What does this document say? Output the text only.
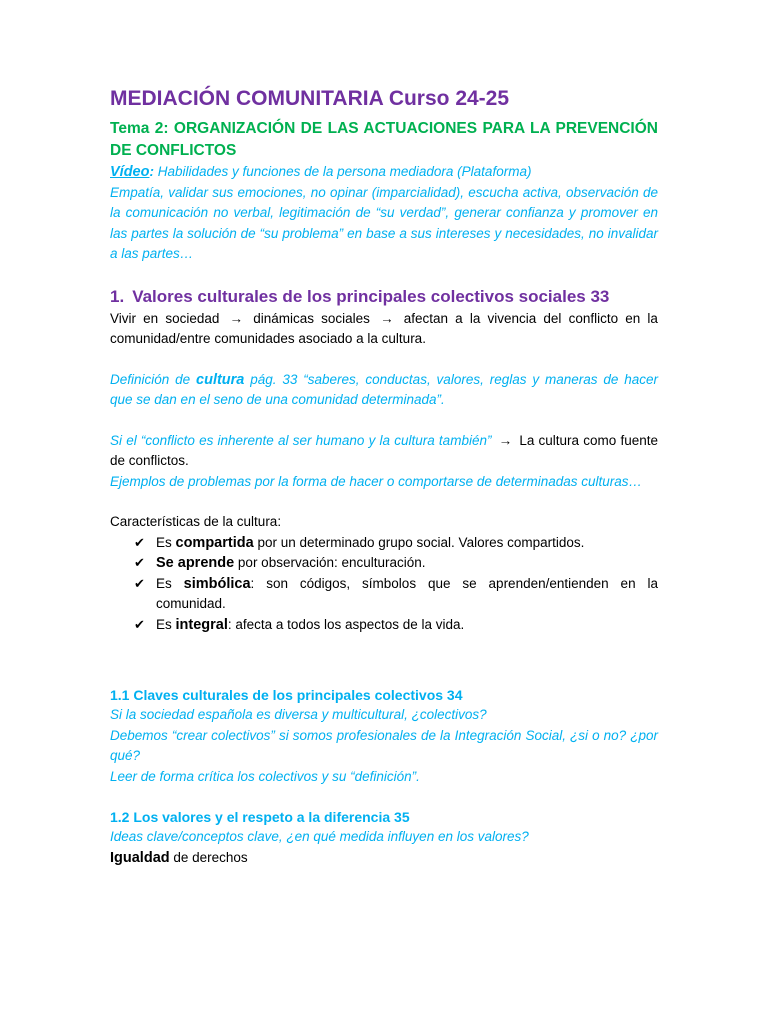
MEDIACIÓN COMUNITARIA Curso 24-25

Tema 2: ORGANIZACIÓN DE LAS ACTUACIONES PARA LA PREVENCIÓN DE CONFLICTOS

Vídeo: Habilidades y funciones de la persona mediadora (Plataforma)

Empatía, validar sus emociones, no opinar (imparcialidad), escucha activa, observación de la comunicación no verbal, legitimación de “su verdad”, generar confianza y promover en las partes la solución de “su problema” en base a sus intereses y necesidades, no invalidar a las partes…

1. Valores culturales de los principales colectivos sociales 33

Vivir en sociedad → dinámicas sociales → afectan a la vivencia del conflicto en la comunidad/entre comunidades asociado a la cultura.

Definición de cultura pág. 33 “saberes, conductas, valores, reglas y maneras de hacer que se dan en el seno de una comunidad determinada”.

Si el “conflicto es inherente al ser humano y la cultura también” → La cultura como fuente de conflictos.

Ejemplos de problemas por la forma de hacer o comportarse de determinadas culturas…

Características de la cultura:

✔ Es compartida por un determinado grupo social. Valores compartidos.
✔ Se aprende por observación: enculturación.
✔ Es simbólica: son códigos, símbolos que se aprenden/entienden en la comunidad.
✔ Es integral: afecta a todos los aspectos de la vida.

1.1 Claves culturales de los principales colectivos 34

Si la sociedad española es diversa y multicultural, ¿colectivos?

Debemos “crear colectivos” si somos profesionales de la Integración Social, ¿si o no? ¿por qué?

Leer de forma crítica los colectivos y su “definición”.

1.2 Los valores y el respeto a la diferencia 35

Ideas clave/conceptos clave, ¿en qué medida influyen en los valores?

Igualdad de derechos
